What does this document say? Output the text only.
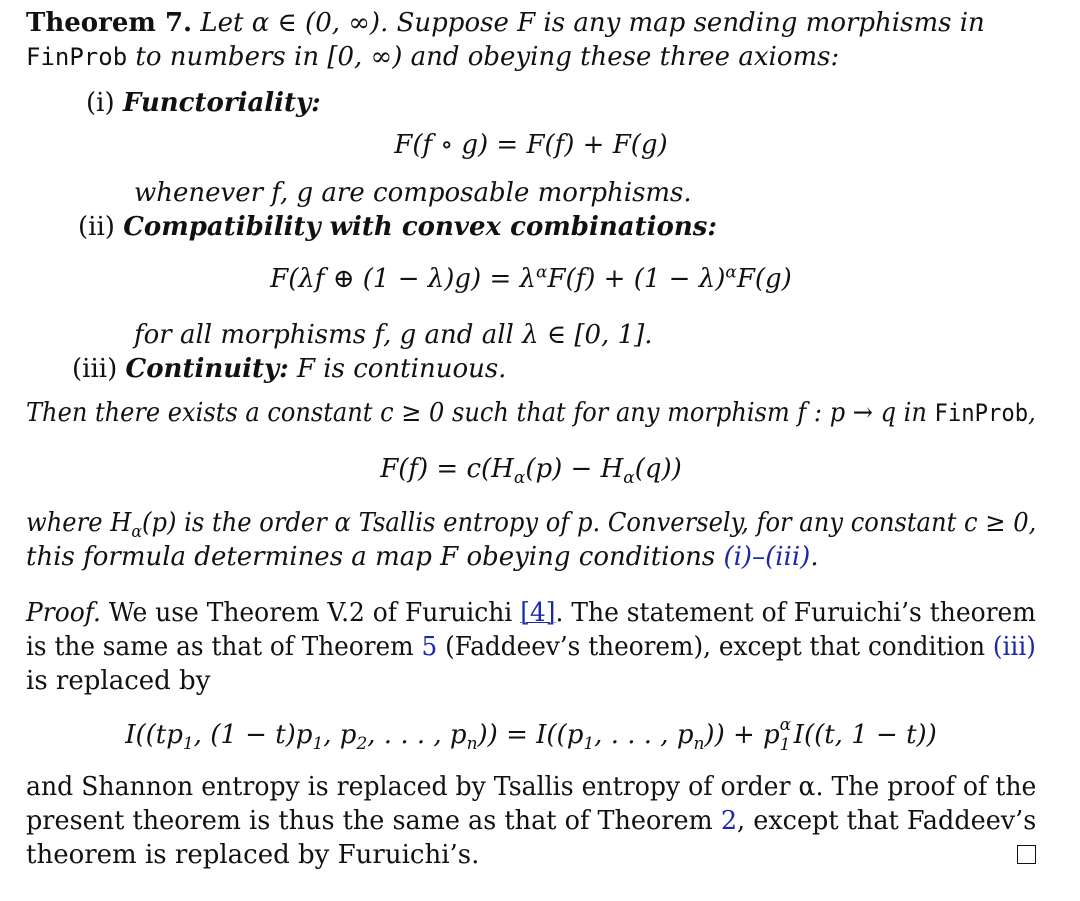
Theorem 7. Let α ∈ (0, ∞). Suppose F is any map sending morphisms in
FinProb to numbers in [0, ∞) and obeying these three axioms:
(i) Functoriality:
F(f ∘ g) = F(f) + F(g)
whenever f, g are composable morphisms.
(ii) Compatibility with convex combinations:
F(λf ⊕ $(1 - \lambda)g) = \lambda^\alpha F(f) + (1 - \lambda)^\alpha F(g)$
for all morphisms f, g and all λ ∈ [0, 1].
(iii) Continuity: F is continuous.
Then there exists a constant c ≥ 0 such that for any morphism f : p → q in FinProb,
$F(f) = c(H_\alpha(p) - H_\alpha(q))$
where $H_\alpha(p)$ is the order α Tsallis entropy of p. Conversely, for any constant c ≥ 0,
this formula determines a map F obeying conditions (i)–(iii).
Proof. We use Theorem V.2 of Furuichi [4]. The statement of Furuichi’s theorem
is the same as that of Theorem 5 (Faddeev’s theorem), except that condition (iii)
is replaced by
$I((tp_1$, $(1 - t)p_1$, $p_2$, . . . , $p_n)) = I((p_1$, . . . , $p_n)) + p$ α
1 I((t, 1 − t))
and Shannon entropy is replaced by Tsallis entropy of order α. The proof of the
present theorem is thus the same as that of Theorem 2, except that Faddeev’s
theorem is replaced by Furuichi’s.
